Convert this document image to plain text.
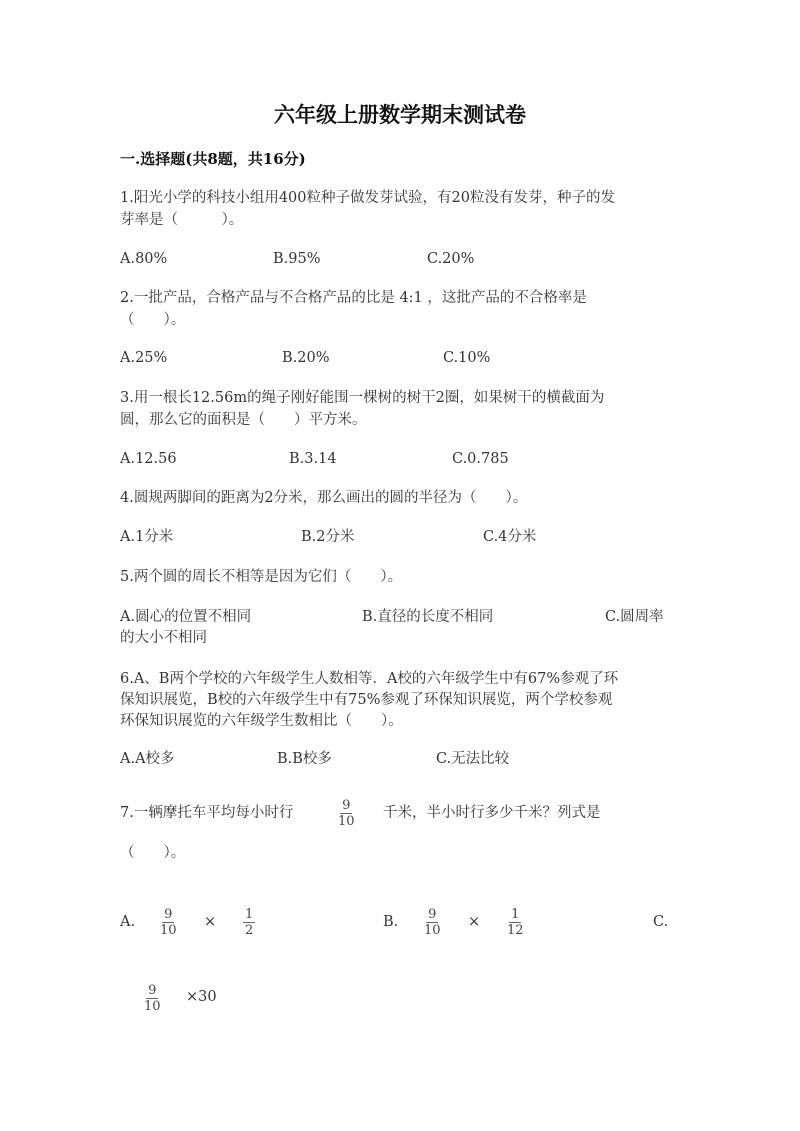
六年级上册数学期末测试卷
一.选择题(共8题，共16分)
1.阳光小学的科技小组用400粒种子做发芽试验，有20粒没有发芽，种子的发
芽率是（　　　）。
A.80%	B.95%	C.20%
2.一批产品，合格产品与不合格产品的比是 4:1 ，这批产品的不合格率是
（　　）。
A.25%	B.20%	C.10%
3.用一根长12.56m的绳子刚好能围一棵树的树干2圈，如果树干的横截面为
圆，那么它的面积是（　　）平方米。
A.12.56	B.3.14	C.0.785
4.圆规两脚间的距离为2分米，那么画出的圆的半径为（　　）。
A.1分米	B.2分米	C.4分米
5.两个圆的周长不相等是因为它们（　　）。
A.圆心的位置不相同	B.直径的长度不相同	C.圆周率
的大小不相同
6.A、B两个学校的六年级学生人数相等．A校的六年级学生中有67%参观了环
保知识展览，B校的六年级学生中有75%参观了环保知识展览，两个学校参观
环保知识展览的六年级学生数相比（　　）。
A.A校多	B.B校多	C.无法比较
7.一辆摩托车平均每小时行	$\frac{9}{10}$ 千米，半小时行多少千米？列式是
（　　）。
A. $\frac{9}{10} \times \frac{1}{2}$	B. $\frac{9}{10} \times \frac{1}{12}$	C.
$\frac{9}{10} \times 30$
